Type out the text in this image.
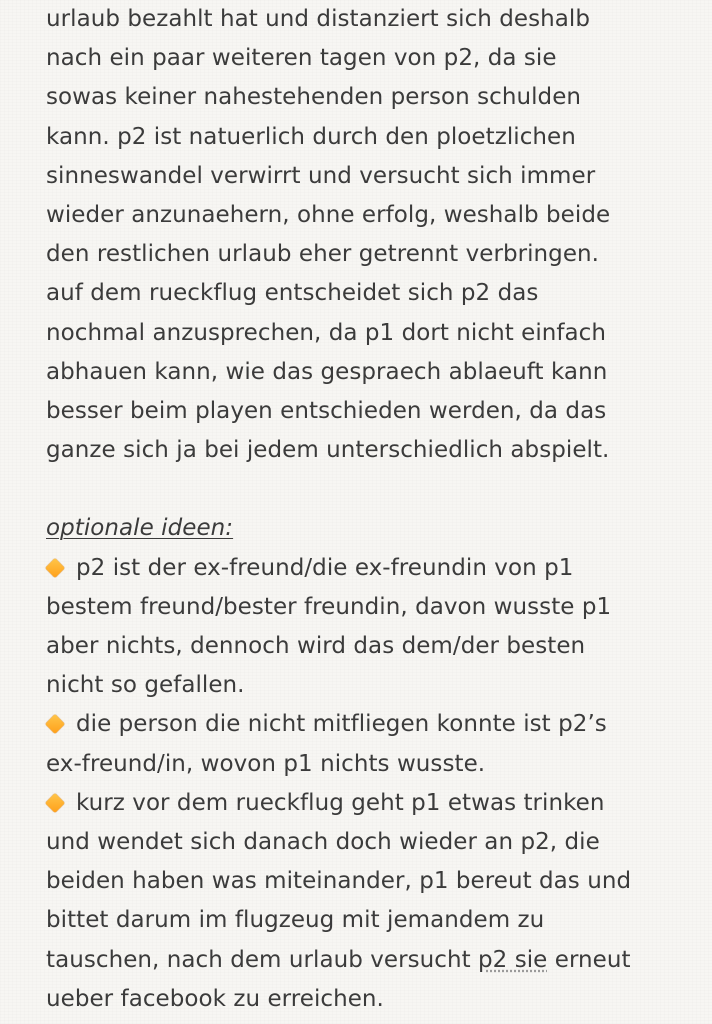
urlaub bezahlt hat und distanziert sich deshalb
nach ein paar weiteren tagen von p2, da sie
sowas keiner nahestehenden person schulden
kann. p2 ist natuerlich durch den ploetzlichen
sinneswandel verwirrt und versucht sich immer
wieder anzunaehern, ohne erfolg, weshalb beide
den restlichen urlaub eher getrennt verbringen.
auf dem rueckflug entscheidet sich p2 das
nochmal anzusprechen, da p1 dort nicht einfach
abhauen kann, wie das gespraech ablaeuft kann
besser beim playen entschieden werden, da das
ganze sich ja bei jedem unterschiedlich abspielt.
optionale ideen:
p2 ist der ex-freund/die ex-freundin von p1
bestem freund/bester freundin, davon wusste p1
aber nichts, dennoch wird das dem/der besten
nicht so gefallen.
die person die nicht mitfliegen konnte ist p2’s
ex-freund/in, wovon p1 nichts wusste.
kurz vor dem rueckflug geht p1 etwas trinken
und wendet sich danach doch wieder an p2, die
beiden haben was miteinander, p1 bereut das und
bittet darum im flugzeug mit jemandem zu
tauschen, nach dem urlaub versucht p2 sie erneut
ueber facebook zu erreichen.
